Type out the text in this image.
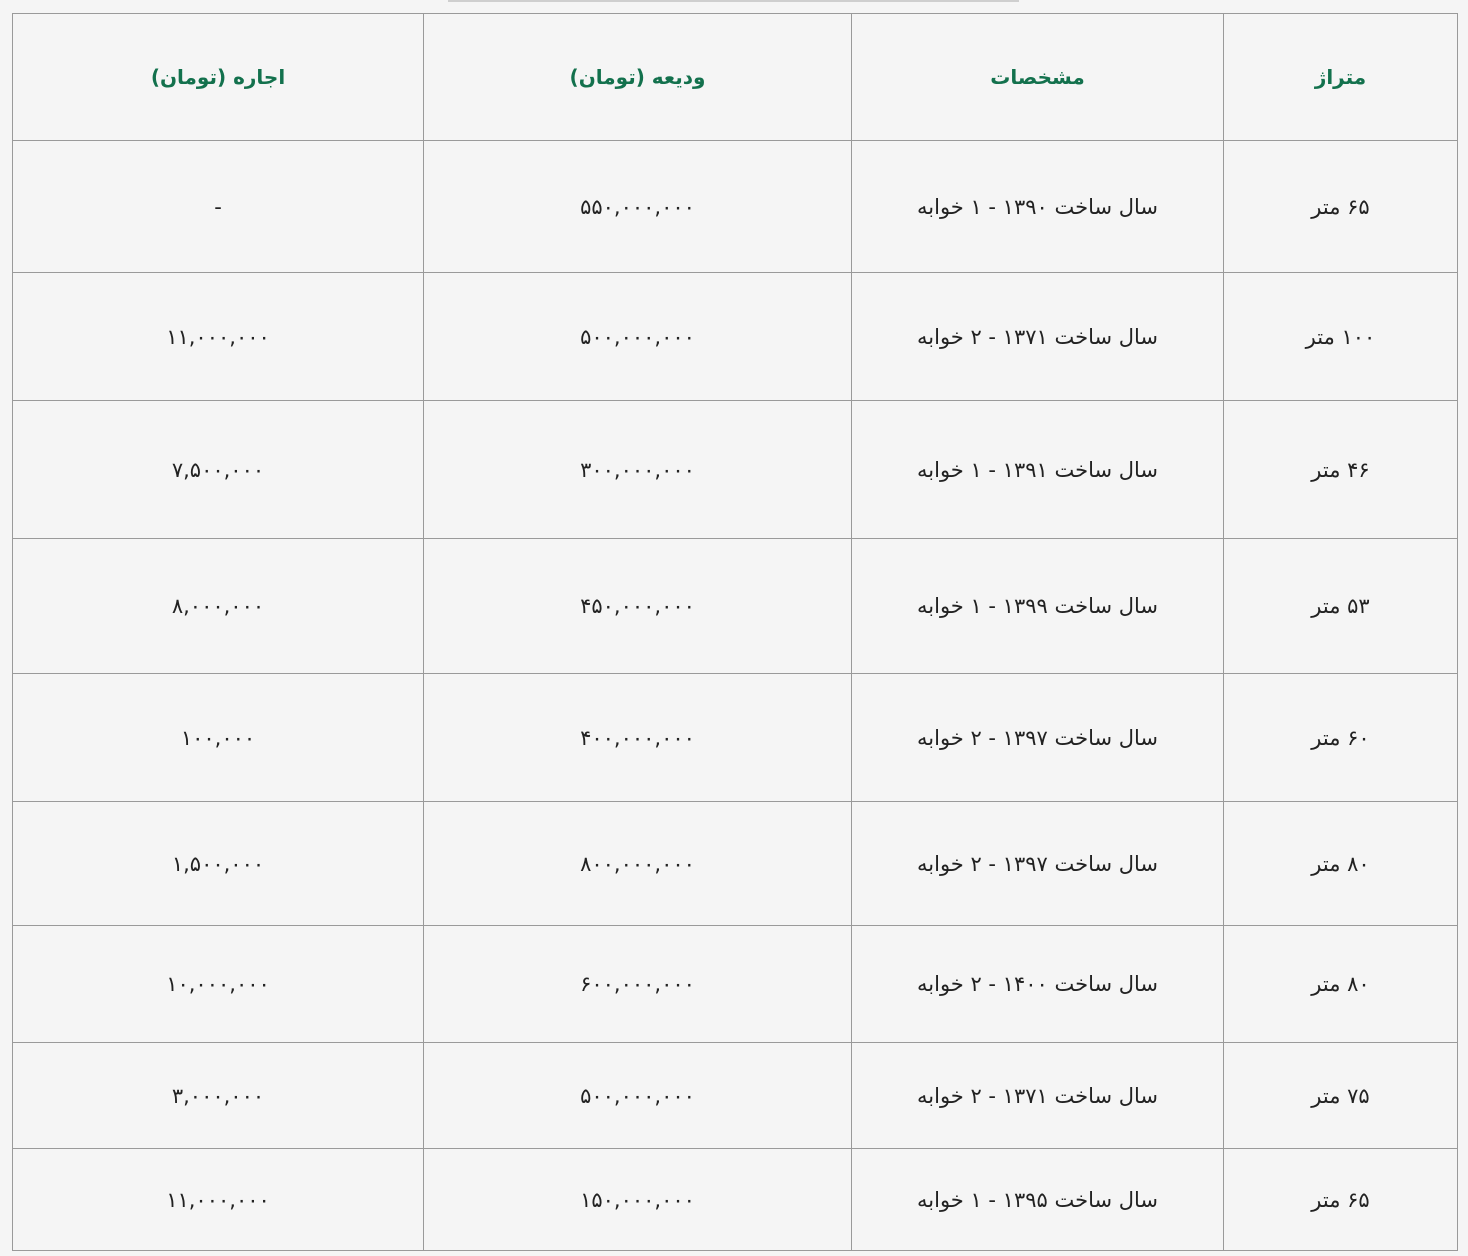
متراژ	مشخصات	ودیعه (تومان)	اجاره (تومان)
۶۵ متر	سال ساخت ۱۳۹۰ - ۱ خوابه	۵۵۰,۰۰۰,۰۰۰	-
۱۰۰ متر	سال ساخت ۱۳۷۱ - ۲ خوابه	۵۰۰,۰۰۰,۰۰۰	۱۱,۰۰۰,۰۰۰
۴۶ متر	سال ساخت ۱۳۹۱ - ۱ خوابه	۳۰۰,۰۰۰,۰۰۰	۷,۵۰۰,۰۰۰
۵۳ متر	سال ساخت ۱۳۹۹ - ۱ خوابه	۴۵۰,۰۰۰,۰۰۰	۸,۰۰۰,۰۰۰
۶۰ متر	سال ساخت ۱۳۹۷ - ۲ خوابه	۴۰۰,۰۰۰,۰۰۰	۱۰۰,۰۰۰
۸۰ متر	سال ساخت ۱۳۹۷ - ۲ خوابه	۸۰۰,۰۰۰,۰۰۰	۱,۵۰۰,۰۰۰
۸۰ متر	سال ساخت ۱۴۰۰ - ۲ خوابه	۶۰۰,۰۰۰,۰۰۰	۱۰,۰۰۰,۰۰۰
۷۵ متر	سال ساخت ۱۳۷۱ - ۲ خوابه	۵۰۰,۰۰۰,۰۰۰	۳,۰۰۰,۰۰۰
۶۵ متر	سال ساخت ۱۳۹۵ - ۱ خوابه	۱۵۰,۰۰۰,۰۰۰	۱۱,۰۰۰,۰۰۰
